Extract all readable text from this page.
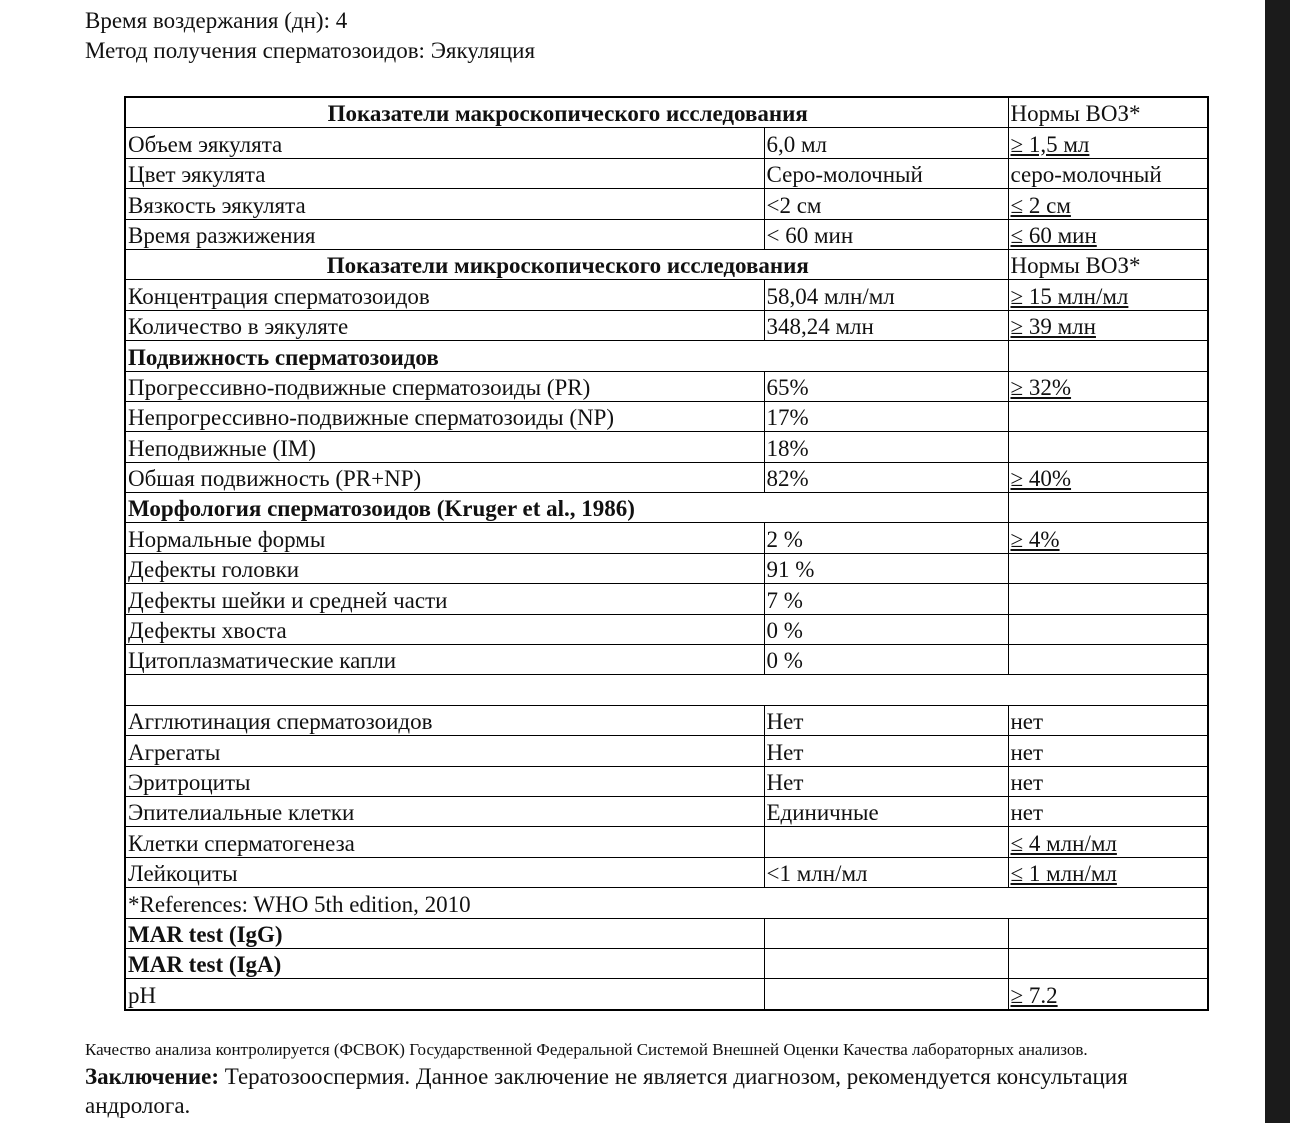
Время воздержания (дн): 4
Метод получения сперматозоидов: Эякуляция
Показатели макроскопического исследования		Нормы ВОЗ*
Объем эякулята	6,0 мл	≥ 1,5 мл
Цвет эякулята	Серо-молочный	серо-молочный
Вязкость эякулята	<2 см	≤ 2 см
Время разжижения	< 60 мин	≤ 60 мин
Показатели микроскопического исследования		Нормы ВОЗ*
Концентрация сперматозоидов	58,04 млн/мл	≥ 15 млн/мл
Количество в эякуляте	348,24 млн	≥ 39 млн
Подвижность сперматозоидов		
Прогрессивно-подвижные сперматозоиды (PR)	65%	≥ 32%
Непрогрессивно-подвижные сперматозоиды (NP)	17%	
Неподвижные (IM)	18%	
Обшая подвижность (PR+NP)	82%	≥ 40%
Морфология сперматозоидов (Kruger et al., 1986)		
Нормальные формы	2 %	≥ 4%
Дефекты головки	91 %	
Дефекты шейки и средней части	7 %	
Дефекты хвоста	0 %	
Цитоплазматические капли	0 %	

Агглютинация сперматозоидов	Нет	нет
Агрегаты	Нет	нет
Эритроциты	Нет	нет
Эпителиальные клетки	Единичные	нет
Клетки сперматогенеза		≤ 4 млн/мл
Лейкоциты	<1 млн/мл	≤ 1 млн/мл
*References: WHO 5th edition, 2010		
MAR test (IgG)		
MAR test (IgA)		
pH		≥ 7.2
Качество анализа контролируется (ФСВОК) Государственной Федеральной Системой Внешней Оценки Качества лабораторных анализов.
Заключение: Тератозооспермия. Данное заключение не является диагнозом, рекомендуется консультация андролога.
